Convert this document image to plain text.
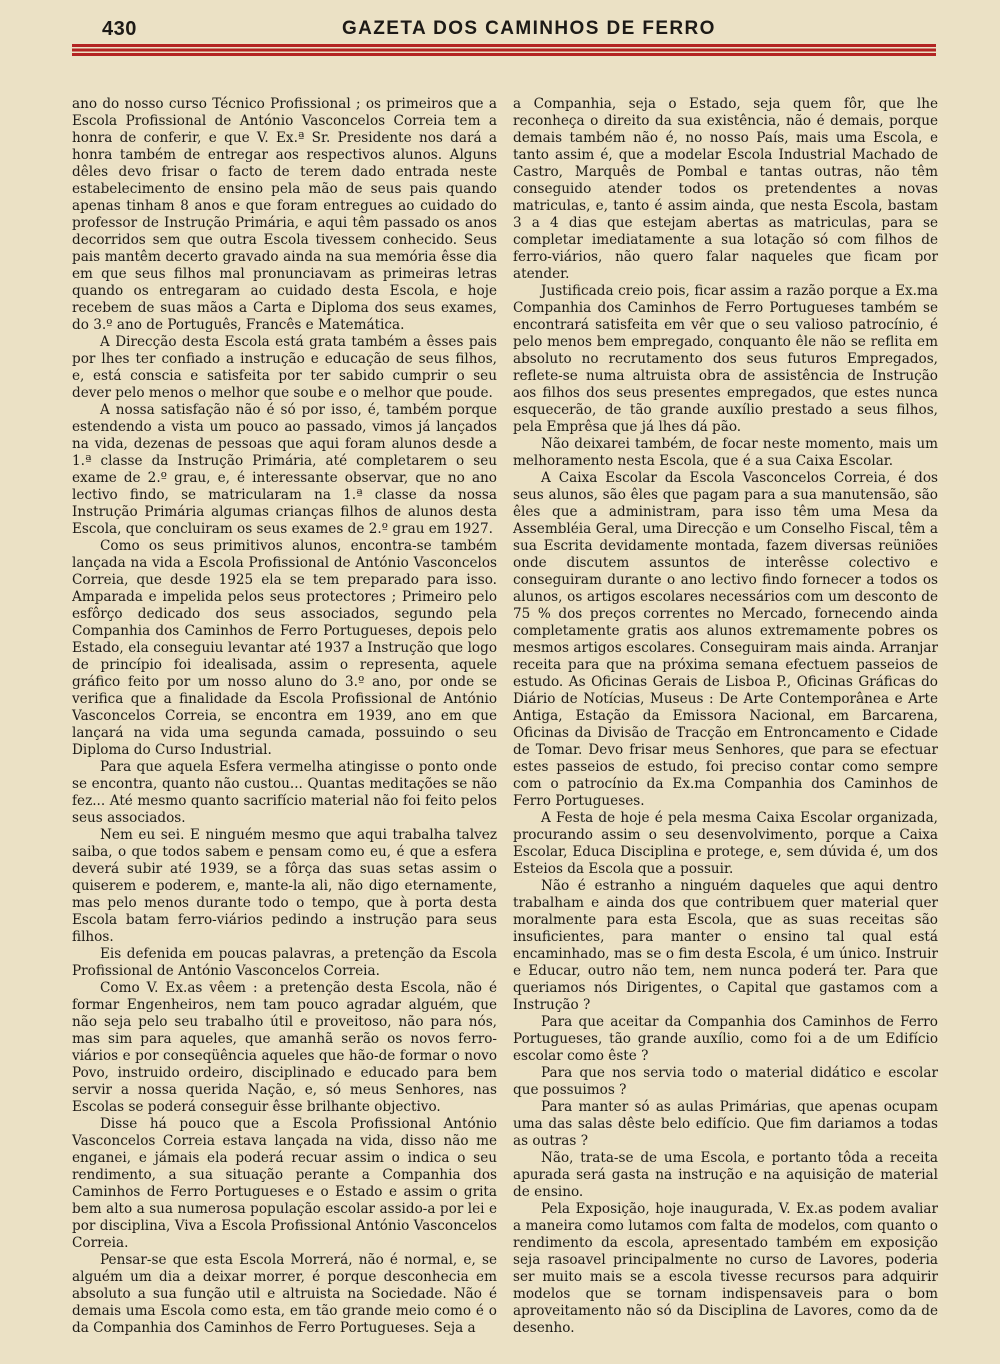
430	GAZETA DOS CAMINHOS DE FERRO

ano do nosso curso Técnico Profissional ; os primeiros que a Escola Profissional de António Vasconcelos Correia tem a honra de conferir, e que V. Ex.ª Sr. Presidente nos dará a honra também de entregar aos respectivos alunos. Alguns dêles devo frisar o facto de terem dado entrada neste estabelecimento de ensino pela mão de seus pais quando apenas tinham 8 anos e que foram entregues ao cuidado do professor de Instrução Primária, e aqui têm passado os anos decorridos sem que outra Escola tivessem conhecido. Seus pais mantêm decerto gravado ainda na sua memória êsse dia em que seus filhos mal pronunciavam as primeiras letras quando os entregaram ao cuidado desta Escola, e hoje recebem de suas mãos a Carta e Diploma dos seus exames, do 3.º ano de Português, Francês e Matemática.

A Direcção desta Escola está grata também a êsses pais por lhes ter confiado a instrução e educação de seus filhos, e, está conscia e satisfeita por ter sabido cumprir o seu dever pelo menos o melhor que soube e o melhor que poude.

A nossa satisfação não é só por isso, é, também porque estendendo a vista um pouco ao passado, vimos já lançados na vida, dezenas de pessoas que aqui foram alunos desde a 1.ª classe da Instrução Primária, até completarem o seu exame de 2.º grau, e, é interessante observar, que no ano lectivo findo, se matricularam na 1.ª classe da nossa Instrução Primária algumas crianças filhos de alunos desta Escola, que concluiram os seus exames de 2.º grau em 1927.

Como os seus primitivos alunos, encontra-se também lançada na vida a Escola Profissional de António Vasconcelos Correia, que desde 1925 ela se tem preparado para isso. Amparada e impelida pelos seus protectores ; Primeiro pelo esfôrço dedicado dos seus associados, segundo pela Companhia dos Caminhos de Ferro Portugueses, depois pelo Estado, ela conseguiu levantar até 1937 a Instrução que logo de princípio foi idealisada, assim o representa, aquele gráfico feito por um nosso aluno do 3.º ano, por onde se verifica que a finalidade da Escola Profissional de António Vasconcelos Correia, se encontra em 1939, ano em que lançará na vida uma segunda camada, possuindo o seu Diploma do Curso Industrial.

Para que aquela Esfera vermelha atingisse o ponto onde se encontra, quanto não custou... Quantas meditações se não fez... Até mesmo quanto sacrifício material não foi feito pelos seus associados.

Nem eu sei. E ninguém mesmo que aqui trabalha talvez saiba, o que todos sabem e pensam como eu, é que a esfera deverá subir até 1939, se a fôrça das suas setas assim o quiserem e poderem, e, mante-la ali, não digo eternamente, mas pelo menos durante todo o tempo, que à porta desta Escola batam ferro-viários pedindo a instrução para seus filhos.

Eis defenida em poucas palavras, a pretenção da Escola Profissional de António Vasconcelos Correia.

Como V. Ex.as vêem : a pretenção desta Escola, não é formar Engenheiros, nem tam pouco agradar alguém, que não seja pelo seu trabalho útil e proveitoso, não para nós, mas sim para aqueles, que amanhã serão os novos ferro-viários e por conseqüência aqueles que hão-de formar o novo Povo, instruido ordeiro, disciplinado e educado para bem servir a nossa querida Nação, e, só meus Senhores, nas Escolas se poderá conseguir êsse brilhante objectivo.

Disse há pouco que a Escola Profissional António Vasconcelos Correia estava lançada na vida, disso não me enganei, e jámais ela poderá recuar assim o indica o seu rendimento, a sua situação perante a Companhia dos Caminhos de Ferro Portugueses e o Estado e assim o grita bem alto a sua numerosa população escolar assido-a por lei e por disciplina, Viva a Escola Profissional António Vasconcelos Correia.

Pensar-se que esta Escola Morrerá, não é normal, e, se alguém um dia a deixar morrer, é porque desconhecia em absoluto a sua função util e altruista na Sociedade. Não é demais uma Escola como esta, em tão grande meio como é o da Companhia dos Caminhos de Ferro Portugueses. Seja a

a Companhia, seja o Estado, seja quem fôr, que lhe reconheça o direito da sua existência, não é demais, porque demais também não é, no nosso País, mais uma Escola, e tanto assim é, que a modelar Escola Industrial Machado de Castro, Marquês de Pombal e tantas outras, não têm conseguido atender todos os pretendentes a novas matriculas, e, tanto é assim ainda, que nesta Escola, bastam 3 a 4 dias que estejam abertas as matriculas, para se completar imediatamente a sua lotação só com filhos de ferro-viários, não quero falar naqueles que ficam por atender.

Justificada creio pois, ficar assim a razão porque a Ex.ma Companhia dos Caminhos de Ferro Portugueses também se encontrará satisfeita em vêr que o seu valioso patrocínio, é pelo menos bem empregado, conquanto êle não se reflita em absoluto no recrutamento dos seus futuros Empregados, reflete-se numa altruista obra de assistência de Instrução aos filhos dos seus presentes empregados, que estes nunca esquecerão, de tão grande auxílio prestado a seus filhos, pela Emprêsa que já lhes dá pão.

Não deixarei também, de focar neste momento, mais um melhoramento nesta Escola, que é a sua Caixa Escolar.

A Caixa Escolar da Escola Vasconcelos Correia, é dos seus alunos, são êles que pagam para a sua manutensão, são êles que a administram, para isso têm uma Mesa da Assembléia Geral, uma Direcção e um Conselho Fiscal, têm a sua Escrita devidamente montada, fazem diversas reüniões onde discutem assuntos de interêsse colectivo e conseguiram durante o ano lectivo findo fornecer a todos os alunos, os artigos escolares necessários com um desconto de 75 % dos preços correntes no Mercado, fornecendo ainda completamente gratis aos alunos extremamente pobres os mesmos artigos escolares. Conseguiram mais ainda. Arranjar receita para que na próxima semana efectuem passeios de estudo. As Oficinas Gerais de Lisboa P., Oficinas Gráficas do Diário de Notícias, Museus : De Arte Contemporânea e Arte Antiga, Estação da Emissora Nacional, em Barcarena, Oficinas da Divisão de Tracção em Entroncamento e Cidade de Tomar. Devo frisar meus Senhores, que para se efectuar estes passeios de estudo, foi preciso contar como sempre com o patrocínio da Ex.ma Companhia dos Caminhos de Ferro Portugueses.

A Festa de hoje é pela mesma Caixa Escolar organizada, procurando assim o seu desenvolvimento, porque a Caixa Escolar, Educa Disciplina e protege, e, sem dúvida é, um dos Esteios da Escola que a possuir.

Não é estranho a ninguém daqueles que aqui dentro trabalham e ainda dos que contribuem quer material quer moralmente para esta Escola, que as suas receitas são insuficientes, para manter o ensino tal qual está encaminhado, mas se o fim desta Escola, é um único. Instruir e Educar, outro não tem, nem nunca poderá ter. Para que queriamos nós Dirigentes, o Capital que gastamos com a Instrução ?

Para que aceitar da Companhia dos Caminhos de Ferro Portugueses, tão grande auxílio, como foi a de um Edifício escolar como êste ?

Para que nos servia todo o material didático e escolar que possuimos ?

Para manter só as aulas Primárias, que apenas ocupam uma das salas dêste belo edifício. Que fim dariamos a todas as outras ?

Não, trata-se de uma Escola, e portanto tôda a receita apurada será gasta na instrução e na aquisição de material de ensino.

Pela Exposição, hoje inaugurada, V. Ex.as podem avaliar a maneira como lutamos com falta de modelos, com quanto o rendimento da escola, apresentado também em exposição seja rasoavel principalmente no curso de Lavores, poderia ser muito mais se a escola tivesse recursos para adquirir modelos que se tornam indispensaveis para o bom aproveitamento não só da Disciplina de Lavores, como da de desenho.
